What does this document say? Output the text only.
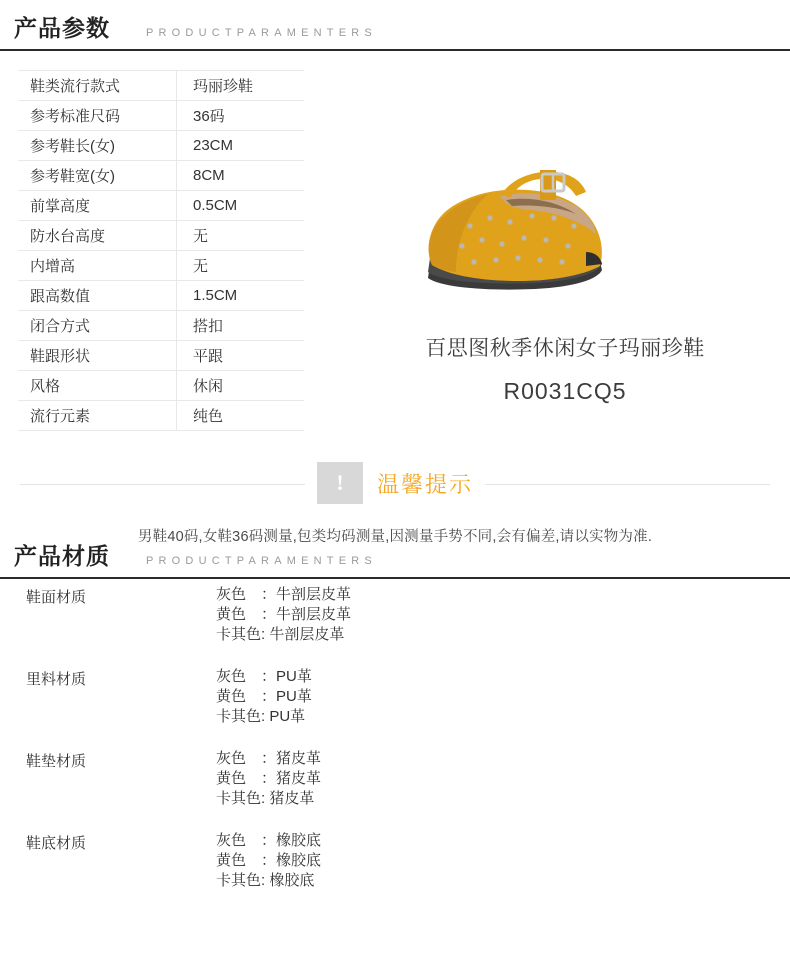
产品参数	PRODUCTPARAMENTERS
鞋类流行款式	玛丽珍鞋
参考标准尺码	36码
参考鞋长(女)	23CM
参考鞋宽(女)	8CM
前掌高度	0.5CM
防水台高度	无
内增高	无
跟高数值	1.5CM
闭合方式	搭扣
鞋跟形状	平跟
风格	休闲
流行元素	纯色
百思图秋季休闲女子玛丽珍鞋
R0031CQ5
!
温馨提示
男鞋40码,女鞋36码测量,包类均码测量,因测量手势不同,会有偏差,请以实物为准.
产品材质	PRODUCTPARAMENTERS
鞋面材质	灰色　：牛剖层皮革
黄色　：牛剖层皮革
卡其色: 牛剖层皮革
里料材质	灰色　：PU革
黄色　：PU革
卡其色: PU革
鞋垫材质	灰色　：猪皮革
黄色　：猪皮革
卡其色: 猪皮革
鞋底材质	灰色　：橡胶底
黄色　：橡胶底
卡其色: 橡胶底
